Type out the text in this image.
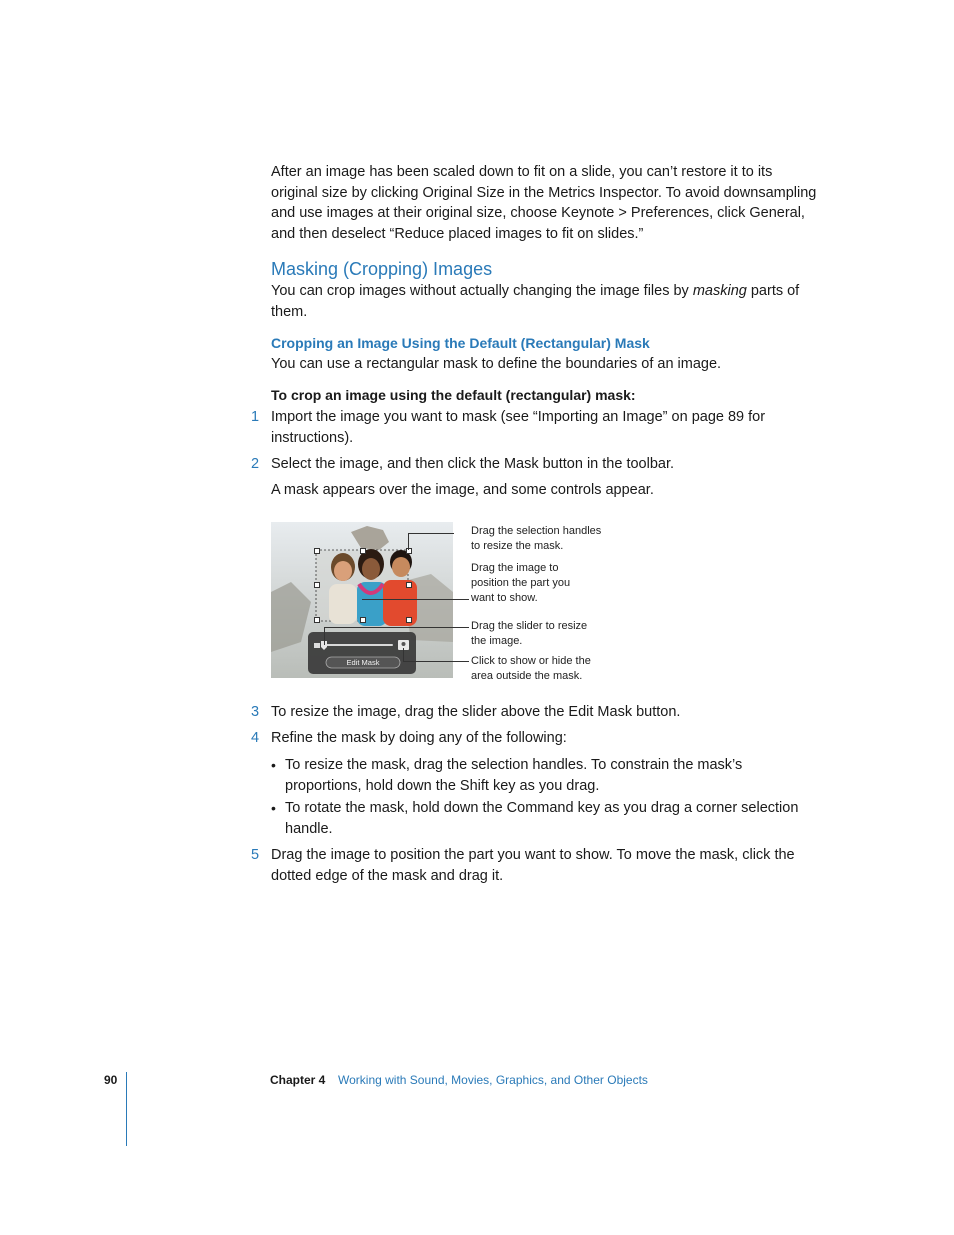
After an image has been scaled down to fit on a slide, you can’t restore it to its original size by clicking Original Size in the Metrics Inspector. To avoid downsampling and use images at their original size, choose Keynote > Preferences, click General, and then deselect “Reduce placed images to fit on slides.”
Masking (Cropping) Images
You can crop images without actually changing the image files by masking parts of them.
Cropping an Image Using the Default (Rectangular) Mask
You can use a rectangular mask to define the boundaries of an image.
To crop an image using the default (rectangular) mask:
1 Import the image you want to mask (see “Importing an Image” on page 89 for instructions).
2 Select the image, and then click the Mask button in the toolbar.
A mask appears over the image, and some controls appear.
Edit Mask
Drag the selection handles
to resize the mask.
Drag the image to
position the part you
want to show.
Drag the slider to resize
the image.
Click to show or hide the
area outside the mask.
3 To resize the image, drag the slider above the Edit Mask button.
4 Refine the mask by doing any of the following:
• To resize the mask, drag the selection handles. To constrain the mask’s proportions, hold down the Shift key as you drag.
• To rotate the mask, hold down the Command key as you drag a corner selection handle.
5 Drag the image to position the part you want to show. To move the mask, click the dotted edge of the mask and drag it.
90	Chapter 4 Working with Sound, Movies, Graphics, and Other Objects
